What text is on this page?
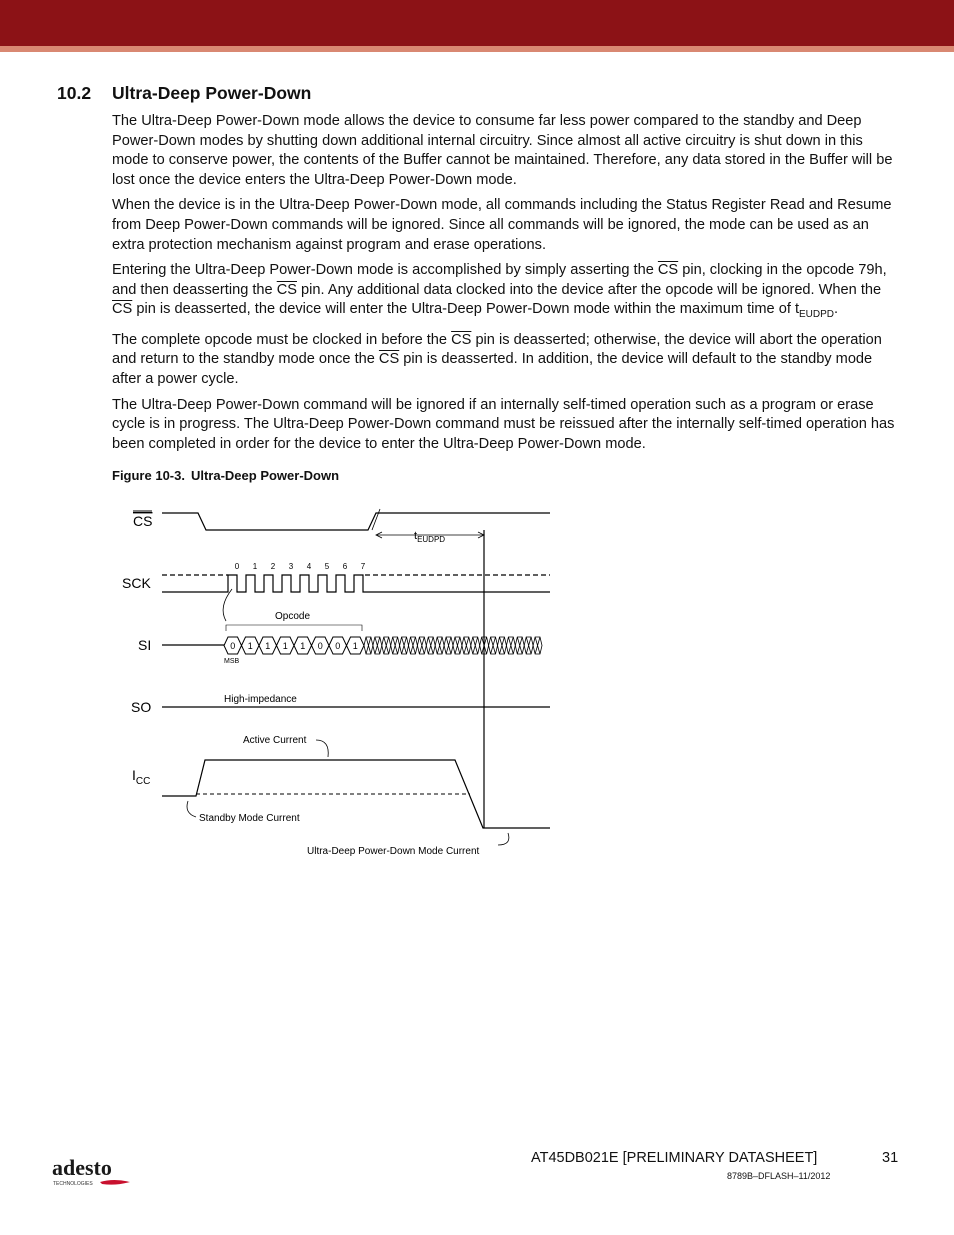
10.2 Ultra-Deep Power-Down

The Ultra-Deep Power-Down mode allows the device to consume far less power compared to the standby and Deep Power-Down modes by shutting down additional internal circuitry. Since almost all active circuitry is shut down in this mode to conserve power, the contents of the Buffer cannot be maintained. Therefore, any data stored in the Buffer will be lost once the device enters the Ultra-Deep Power-Down mode.

When the device is in the Ultra-Deep Power-Down mode, all commands including the Status Register Read and Resume from Deep Power-Down commands will be ignored. Since all commands will be ignored, the mode can be used as an extra protection mechanism against program and erase operations.

Entering the Ultra-Deep Power-Down mode is accomplished by simply asserting the $\overline{CS}$ pin, clocking in the opcode 79h, and then deasserting the $\overline{CS}$ pin. Any additional data clocked into the device after the opcode will be ignored. When the $\overline{CS}$ pin is deasserted, the device will enter the Ultra-Deep Power-Down mode within the maximum time of $t_{EUDPD}$.

The complete opcode must be clocked in before the $\overline{CS}$ pin is deasserted; otherwise, the device will abort the operation and return to the standby mode once the $\overline{CS}$ pin is deasserted. In addition, the device will default to the standby mode after a power cycle.

The Ultra-Deep Power-Down command will be ignored if an internally self-timed operation such as a program or erase cycle is in progress. The Ultra-Deep Power-Down command must be reissued after the internally self-timed operation has been completed in order for the device to enter the Ultra-Deep Power-Down mode.

Figure 10-3. Ultra-Deep Power-Down
0 1 1 1 1 0 0 1
0 1 2 3 4 5 6 7
CS
SCK
SI
SO
$I_{CC}$
$t_{EUDPD}$
Opcode
MSB
High-impedance
Active Current
Standby Mode Current
Ultra-Deep Power-Down Mode Current
AT45DB021E [PRELIMINARY DATASHEET]	31
8789B–DFLASH–11/2012
adesto
TECHNOLOGIES
